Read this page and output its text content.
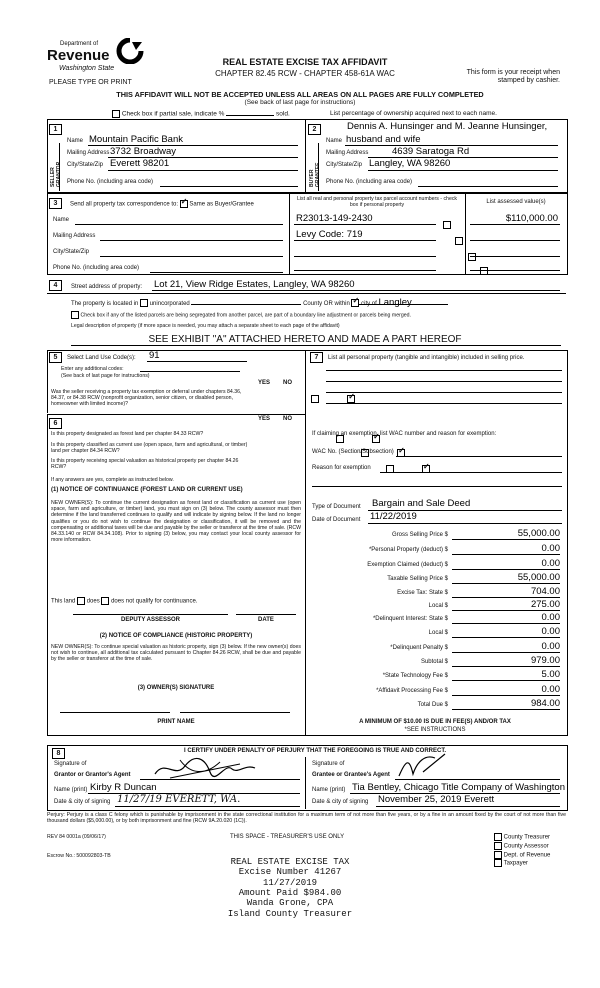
Department of
Revenue
Washington State
PLEASE TYPE OR PRINT
REAL ESTATE EXCISE TAX AFFIDAVIT
CHAPTER 82.45 RCW - CHAPTER 458-61A WAC	This form is your receipt when stamped by cashier.
THIS AFFIDAVIT WILL NOT BE ACCEPTED UNLESS ALL AREAS ON ALL PAGES ARE FULLY COMPLETED
(See back of last page for instructions)
Check box if partial sale, indicate %	sold.	List percentage of ownership acquired next to each name.
1
SELLER GRANTOR
Name Mountain Pacific Bank
Mailing Address 3732 Broadway
City/State/Zip Everett 98201
Phone No. (including area code)
2
BUYER GRANTEE
Dennis A. Hunsinger and M. Jeanne Hunsinger,
Name husband and wife
Mailing Address 4639 Saratoga Rd
City/State/Zip Langley, WA 98260
Phone No. (including area code)
3	Send all property tax correspondence to: ✓ Same as Buyer/Grantee
Name
Mailing Address
City/State/Zip
Phone No. (including area code)
List all real and personal property tax parcel account numbers - check box if personal property
List assessed value(s)
R23013-149-2430
	$110,000.00
Levy Code: 719

4	Street address of property: Lot 21, View Ridge Estates, Langley, WA 98260
The property is located in unincorporated	County OR within ✓ city of Langley
Check box if any of the listed parcels are being segregated from another parcel, are part of a boundary line adjustment or parcels being merged.
Legal description of property (if more space is needed, you may attach a separate sheet to each page of the affidavit)
SEE EXHIBIT "A" ATTACHED HERETO AND MADE A PART HEREOF
5	Select Land Use Code(s): 91
Enter any additional codes:
(See back of last page for instructions)
YES NO
Was the seller receiving a property tax exemption or deferral under chapters 84.36, 84.37, or 84.38 RCW (nonprofit organization, senior citizen, or disabled person, homeowner with limited income)?
✓
6
YES NO
Is this property designated as forest land per chapter 84.33 RCW?
✓
Is this property classified as current use (open space, farm and agricultural, or timber) land per chapter 84.34 RCW?
✓
Is this property receiving special valuation as historical property per chapter 84.26 RCW?
✓
If any answers are yes, complete as instructed below.
(1) NOTICE OF CONTINUANCE (FOREST LAND OR CURRENT USE)
NEW OWNER(S): To continue the current designation as forest land or classification as current use (open space, farm and agriculture, or timber) land, you must sign on (3) below. The county assessor must then determine if the land transferred continues to qualify and will indicate by signing below. If the land no longer qualifies or you do not wish to continue the designation or classification, it will be removed and the compensating or additional taxes will be due and payable by the seller or transferor at the time of sale. (RCW 84.33.140 or RCW 84.34.108). Prior to signing (3) below, you may contact your local county assessor for more information.
This land does does not qualify for continuance.
DEPUTY ASSESSOR	DATE
(2) NOTICE OF COMPLIANCE (HISTORIC PROPERTY)
NEW OWNER(S): To continue special valuation as historic property, sign (3) below. If the new owner(s) does not wish to continue, all additional tax calculated pursuant to Chapter 84.26 RCW, shall be due and payable by the seller or transferor at the time of sale.
(3) OWNER(S) SIGNATURE
PRINT NAME
7	List all personal property (tangible and intangible) included in selling price.
If claiming an exemption, list WAC number and reason for exemption:
WAC No. (Section/Subsection)
Reason for exemption
Type of Document Bargain and Sale Deed
Date of Document 11/22/2019
Gross Selling Price $	55,000.00
*Personal Property (deduct) $	0.00
Exemption Claimed (deduct) $	0.00
Taxable Selling Price $	55,000.00
Excise Tax: State $	704.00
Local $	275.00
*Delinquent Interest: State $	0.00
Local $	0.00
*Delinquent Penalty $	0.00
Subtotal $	979.00
*State Technology Fee $	5.00
*Affidavit Processing Fee $	0.00
Total Due $	984.00
A MINIMUM OF $10.00 IS DUE IN FEE(S) AND/OR TAX
*SEE INSTRUCTIONS
8	I CERTIFY UNDER PENALTY OF PERJURY THAT THE FOREGOING IS TRUE AND CORRECT.
Signature of
Grantor or Grantor's Agent
Name (print) Kirby R Duncan
Date & city of signing 11/27/19 EVERETT, WA.
Signature of
Grantee or Grantee's Agent
Name (print) Tia Bentley, Chicago Title Company of Washington
Date & city of signing November 25, 2019 Everett
Perjury: Perjury is a class C felony which is punishable by imprisonment in the state correctional institution for a maximum term of not more than five years, or by a fine in an amount fixed by the court of not more than five thousand dollars ($5,000.00), or by both imprisonment and fine (RCW 9A.20.020 (1C)).
REV 84 0001a (09/06/17)	THIS SPACE - TREASURER'S USE ONLY
Escrow No.: 500092803-TB
County Treasurer
County Assessor
Dept. of Revenue
Taxpayer
REAL ESTATE EXCISE TAX
Excise Number 41267
11/27/2019
Amount Paid $984.00
Wanda Grone, CPA
Island County Treasurer
